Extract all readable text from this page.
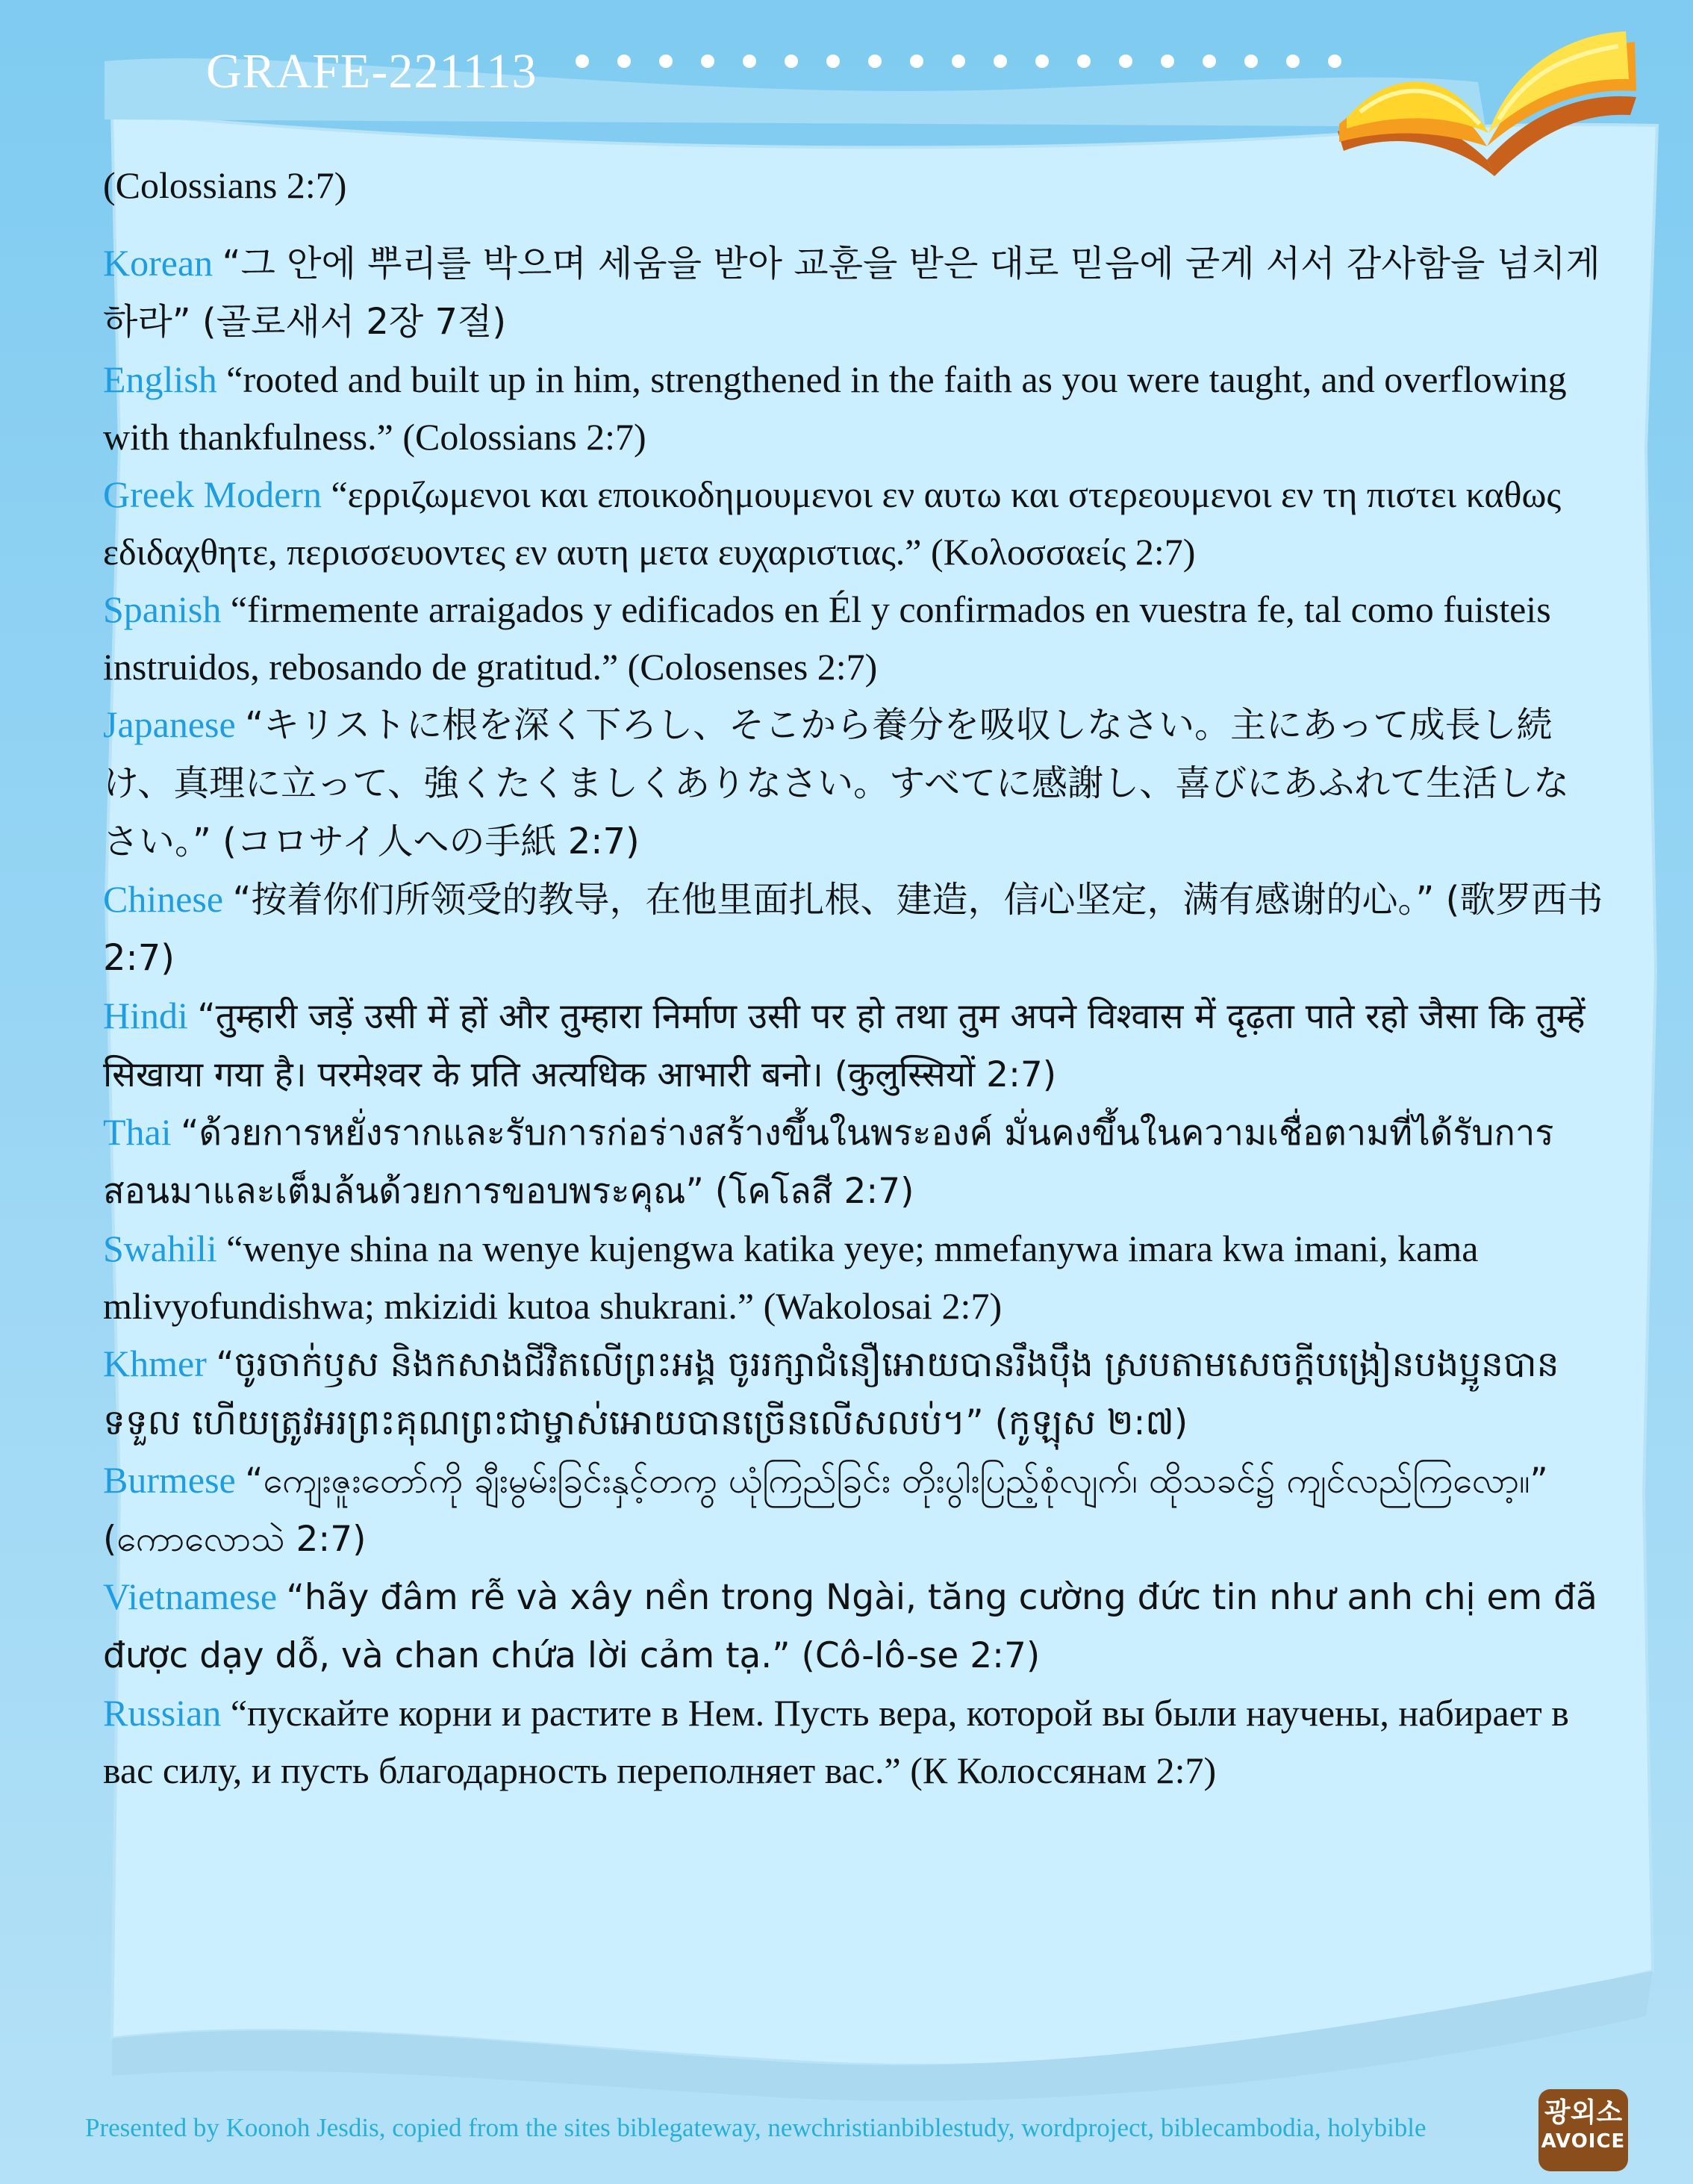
GRAFE-221113
(Colossians 2:7)

Korean “그 안에 뿌리를 박으며 세움을 받아 교훈을 받은 대로 믿음에 굳게 서서 감사함을 넘치게 하라” (골로새서 2장 7절)

English “rooted and built up in him, strengthened in the faith as you were taught, and overflowing with thankfulness.” (Colossians 2:7)

Greek Modern “ερριζωμενοι και εποικοδημουμενοι εν αυτω και στερεουμενοι εν τη πιστει καθως εδιδαχθητε, περισσευοντες εν αυτη μετα ευχαριστιας.” (Κολοσσαείς 2:7)

Spanish “firmemente arraigados y edificados en Él y confirmados en vuestra fe, tal como fuisteis instruidos, rebosando de gratitud.” (Colosenses 2:7)

Japanese “キリストに根を深く下ろし、そこから養分を吸収しなさい。主にあって成長し続け、真理に立って、強くたくましくありなさい。すべてに感謝し、喜びにあふれて生活しなさい。” (コロサイ人への手紙 2:7)

Chinese “按着你们所领受的教导，在他里面扎根、建造，信心坚定，满有感谢的心。” (歌罗西书 2:7)

Hindi “तुम्हारी जड़ें उसी में हों और तुम्हारा निर्माण उसी पर हो तथा तुम अपने विश्वास में दृढ़ता पाते रहो जैसा कि तुम्हें सिखाया गया है। परमेश्वर के प्रति अत्यधिक आभारी बनो। (कुलुस्सियों 2:7)

Thai “ด้วยการหยั่งรากและรับการก่อร่างสร้างขึ้นในพระองค์ มั่นคงขึ้นในความเชื่อตามที่ได้รับการสอนมาและเต็มล้นด้วยการขอบพระคุณ” (โคโลสี 2:7)

Swahili “wenye shina na wenye kujengwa katika yeye; mmefanywa imara kwa imani, kama mlivyofundishwa; mkizidi kutoa shukrani.” (Wakolosai 2:7)

Khmer “ចូរចាក់ឫស និងកសាងជីវិតលើព្រះអង្គ ចូររក្សាជំនឿអោយបានរឹងប៉ឹង ស្របតាមសេចក្ដីបង្រៀនបងប្អូនបានទទួល ហើយត្រូវអរព្រះគុណព្រះជាម្ចាស់អោយបានច្រើនលើសលប់។” (កូឡុស ២:៧)

Burmese “ကျေးဇူးတော်ကို ချီးမွမ်းခြင်းနှင့်တကွ ယုံကြည်ခြင်း တိုးပွါးပြည့်စုံလျက်၊ ထိုသခင်၌ ကျင်လည်ကြလော့။” (ကောလောသဲ 2:7)

Vietnamese “hãy đâm rễ và xây nền trong Ngài, tăng cường đức tin như anh chị em đã được dạy dỗ, và chan chứa lời cảm tạ.” (Cô-lô-se 2:7)

Russian “пускайте корни и растите в Нем. Пусть вера, которой вы были научены, набирает в вас силу, и пусть благодарность переполняет вас.” (К Колоссянам 2:7)

Presented by Koonoh Jesdis, copied from the sites biblegateway, newchristianbiblestudy, wordproject, biblecambodia, holybible	광외소
AVOICE
